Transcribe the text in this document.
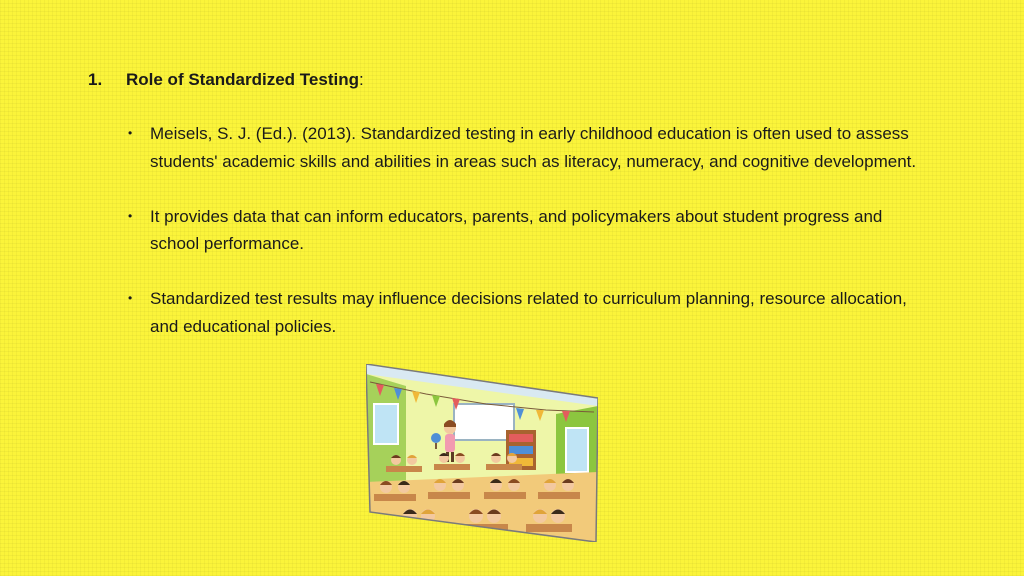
1. Role of Standardized Testing:
• Meisels, S. J. (Ed.). (2013). Standardized testing in early childhood education is often used to assess students' academic skills and abilities in areas such as literacy, numeracy, and cognitive development.
• It provides data that can inform educators, parents, and policymakers about student progress and school performance.
• Standardized test results may influence decisions related to curriculum planning, resource allocation, and educational policies.
